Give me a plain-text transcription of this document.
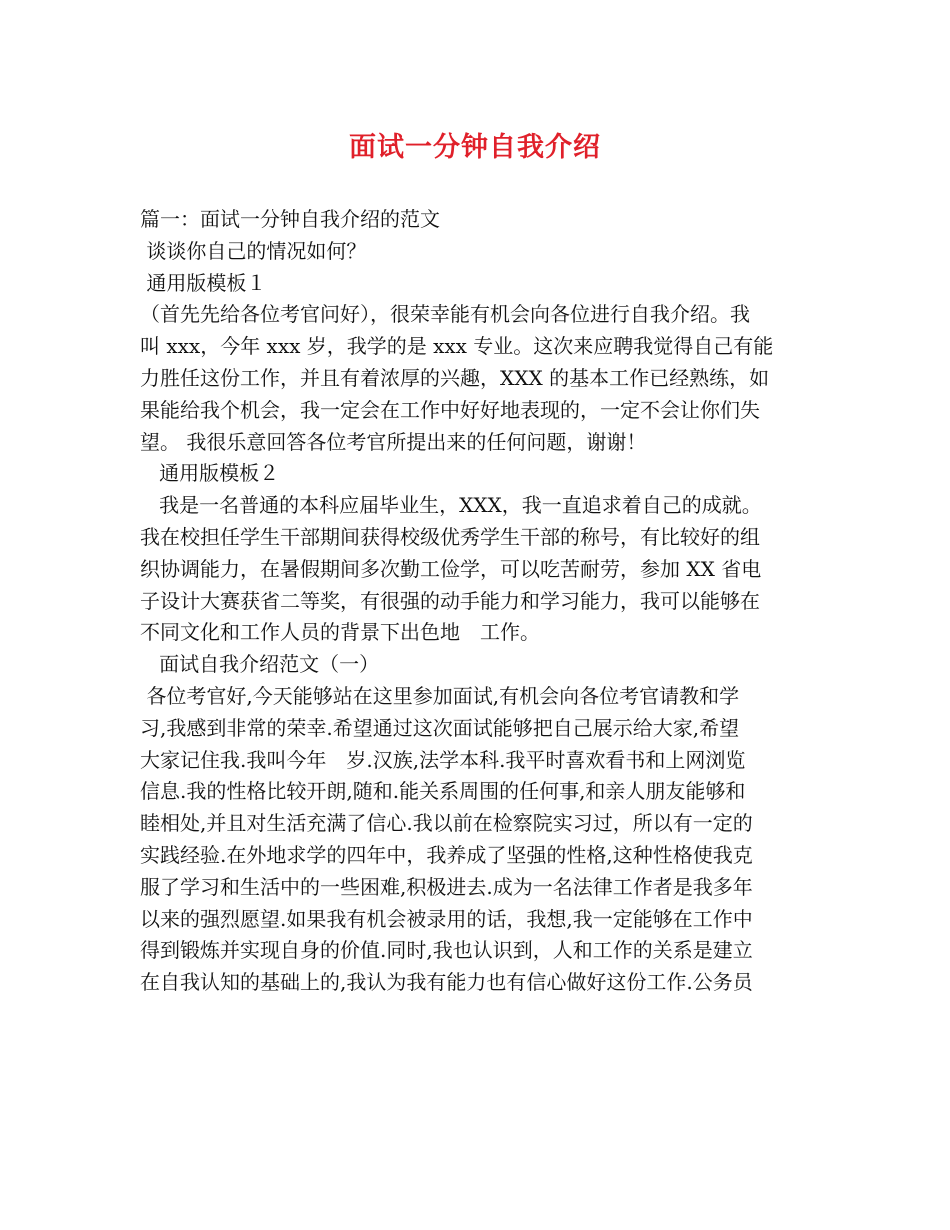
面试一分钟自我介绍
篇一：面试一分钟自我介绍的范文
谈谈你自己的情况如何？
通用版模板１
（首先先给各位考官问好），很荣幸能有机会向各位进行自我介绍。我
叫 xxx，今年 xxx 岁，我学的是 xxx 专业。这次来应聘我觉得自己有能
力胜任这份工作，并且有着浓厚的兴趣，XXX 的基本工作已经熟练，如
果能给我个机会，我一定会在工作中好好地表现的，一定不会让你们失
望。 我很乐意回答各位考官所提出来的任何问题，谢谢！
通用版模板２
我是一名普通的本科应届毕业生，XXX，我一直追求着自己的成就。
我在校担任学生干部期间获得校级优秀学生干部的称号，有比较好的组
织协调能力，在暑假期间多次勤工俭学，可以吃苦耐劳，参加 XX 省电
子设计大赛获省二等奖，有很强的动手能力和学习能力，我可以能够在
不同文化和工作人员的背景下出色地　工作。
面试自我介绍范文（一）
各位考官好,今天能够站在这里参加面试,有机会向各位考官请教和学
习,我感到非常的荣幸.希望通过这次面试能够把自己展示给大家,希望
大家记住我.我叫今年　岁.汉族,法学本科.我平时喜欢看书和上网浏览
信息.我的性格比较开朗,随和.能关系周围的任何事,和亲人朋友能够和
睦相处,并且对生活充满了信心.我以前在检察院实习过，所以有一定的
实践经验.在外地求学的四年中，我养成了坚强的性格,这种性格使我克
服了学习和生活中的一些困难,积极进去.成为一名法律工作者是我多年
以来的强烈愿望.如果我有机会被录用的话，我想,我一定能够在工作中
得到锻炼并实现自身的价值.同时,我也认识到，人和工作的关系是建立
在自我认知的基础上的,我认为我有能力也有信心做好这份工作.公务员
